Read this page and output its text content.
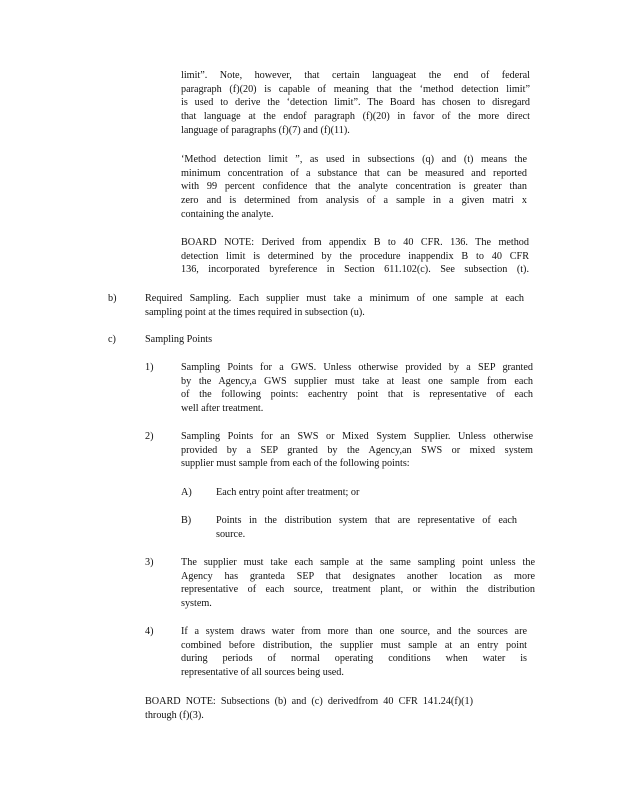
limit”. Note, however, that certain languageat the end of federal
paragraph (f)(20) is capable of meaning that the ‘method detection limit”
is used to derive the ‘detection limit”. The Board has chosen to disregard
that language at the endof paragraph (f)(20) in favor of the more direct
language of paragraphs (f)(7) and (f)(11).
‘Method detection limit ”, as used in subsections (q) and (t) means the
minimum concentration of a substance that can be measured and reported
with 99 percent confidence that the analyte concentration is greater than
zero and is determined from analysis of a sample in a given matri x
containing the analyte.
BOARD NOTE: Derived from appendix B to 40 CFR. 136. The method
detection limit is determined by the procedure inappendix B to 40 CFR
136, incorporated byreference in Section 611.102(c). See subsection (t).
b)	Required Sampling. Each supplier must take a minimum of one sample at each
sampling point at the times required in subsection (u).
c)	Sampling Points
1)	Sampling Points for a GWS. Unless otherwise provided by a SEP granted
by the Agency,a GWS supplier must take at least one sample from each
of the following points: eachentry point that is representative of each
well after treatment.
2)	Sampling Points for an SWS or Mixed System Supplier. Unless otherwise
provided by a SEP granted by the Agency,an SWS or mixed system
supplier must sample from each of the following points:
A) Each entry point after treatment; or
B) Points in the distribution system that are representative of each
source.
3)	The supplier must take each sample at the same sampling point unless the
Agency has granteda SEP that designates another location as more
representative of each source, treatment plant, or within the distribution
system.
4)	If a system draws water from more than one source, and the sources are
combined before distribution, the supplier must sample at an entry point
during periods of normal operating conditions when water is
representative of all sources being used.
BOARD NOTE: Subsections (b) and (c) derivedfrom 40 CFR 141.24(f)(1)
through (f)(3).
